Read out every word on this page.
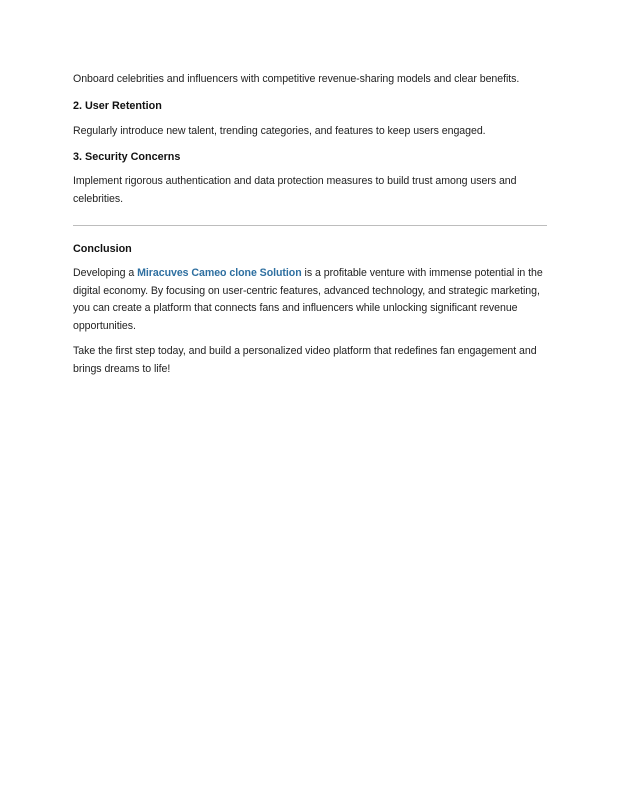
Onboard celebrities and influencers with competitive revenue-sharing models and clear benefits.

2. User Retention

Regularly introduce new talent, trending categories, and features to keep users engaged.

3. Security Concerns

Implement rigorous authentication and data protection measures to build trust among users and celebrities.

Conclusion

Developing a Miracuves Cameo clone Solution is a profitable venture with immense potential in the digital economy. By focusing on user-centric features, advanced technology, and strategic marketing, you can create a platform that connects fans and influencers while unlocking significant revenue opportunities.

Take the first step today, and build a personalized video platform that redefines fan engagement and brings dreams to life!
